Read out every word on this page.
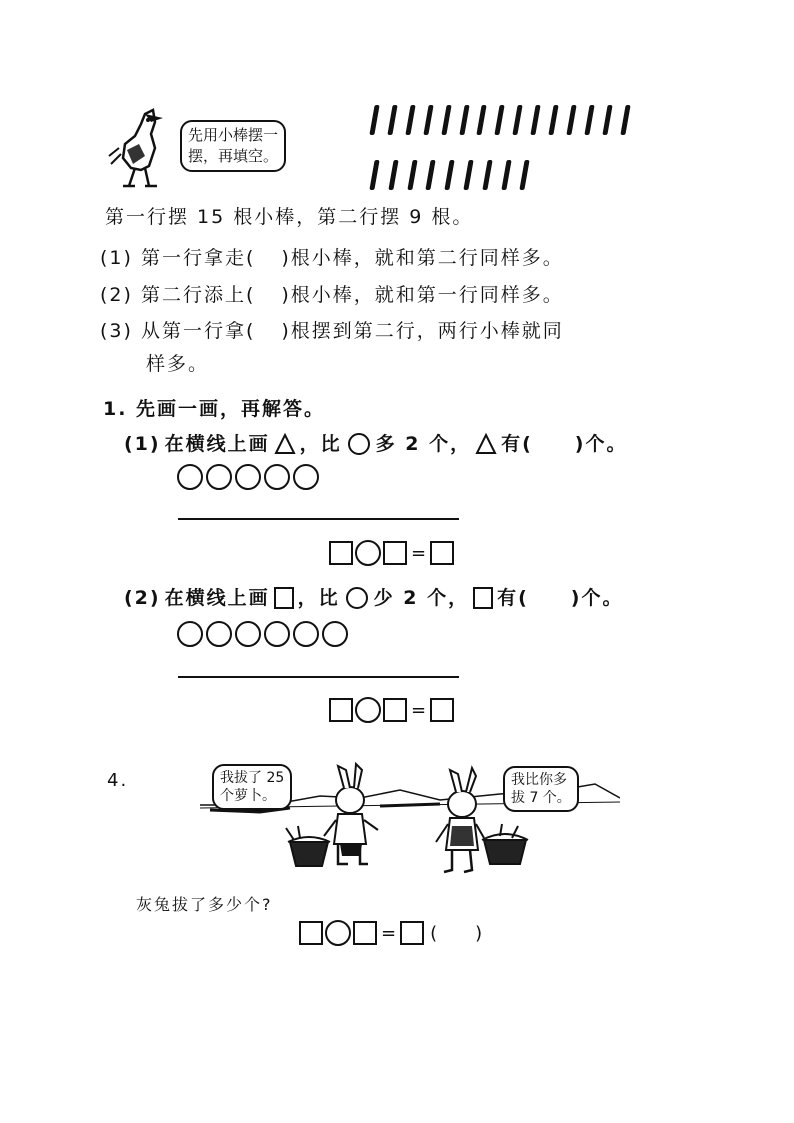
先用小棒摆一
摆，再填空。
第一行摆 15 根小棒，第二行摆 9 根。
(1) 第一行拿走( )根小棒，就和第二行同样多。
(2) 第二行添上( )根小棒，就和第一行同样多。
(3) 从第一行拿( )根摆到第二行，两行小棒就同
样多。
1. 先画一画，再解答。
(1) 在横线上画 ，比 多 2 个， 有( )个。
=
(2) 在横线上画 ，比 少 2 个， 有( )个。
=
4.	我拔了 25
个萝卜。
我比你多
拔 7 个。
灰兔拔了多少个?
= ( )
